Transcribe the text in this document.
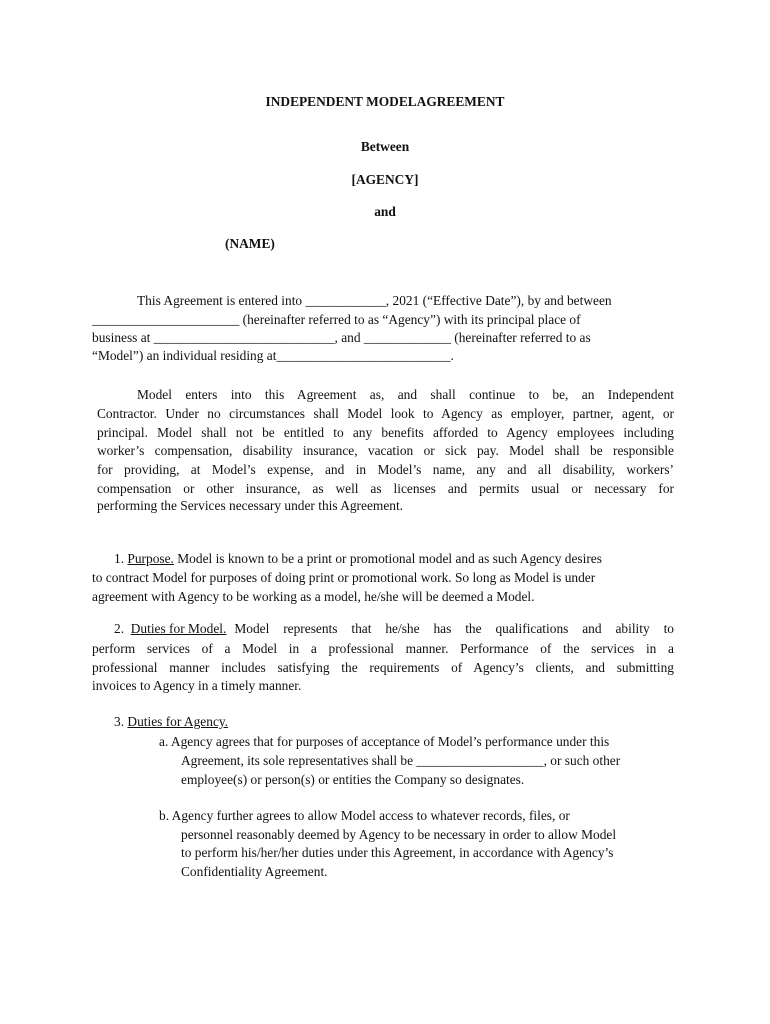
INDEPENDENT MODELAGREEMENT
Between
[AGENCY]
and
(NAME)
This Agreement is entered into ____________, 2021 (“Effective Date”), by and between
______________________ (hereinafter referred to as “Agency”) with its principal place of
business at ___________________________, and _____________ (hereinafter referred to as
“Model”) an individual residing at__________________________.
Model enters into this Agreement as, and shall continue to be, an Independent
Contractor. Under no circumstances shall Model look to Agency as employer, partner, agent, or
principal. Model shall not be entitled to any benefits afforded to Agency employees including
worker’s compensation, disability insurance, vacation or sick pay. Model shall be responsible
for providing, at Model’s expense, and in Model’s name, any and all disability, workers’
compensation or other insurance, as well as licenses and permits usual or necessary for
performing the Services necessary under this Agreement.
1. Purpose. Model is known to be a print or promotional model and as such Agency desires
to contract Model for purposes of doing print or promotional work. So long as Model is under
agreement with Agency to be working as a model, he/she will be deemed a Model.
2. Duties for Model. Model represents that he/she has the qualifications and ability to
perform services of a Model in a professional manner. Performance of the services in a
professional manner includes satisfying the requirements of Agency’s clients, and submitting
invoices to Agency in a timely manner.
3. Duties for Agency.
a. Agency agrees that for purposes of acceptance of Model’s performance under this
Agreement, its sole representatives shall be ___________________, or such other
employee(s) or person(s) or entities the Company so designates.
b. Agency further agrees to allow Model access to whatever records, files, or
personnel reasonably deemed by Agency to be necessary in order to allow Model
to perform his/her/her duties under this Agreement, in accordance with Agency’s
Confidentiality Agreement.
